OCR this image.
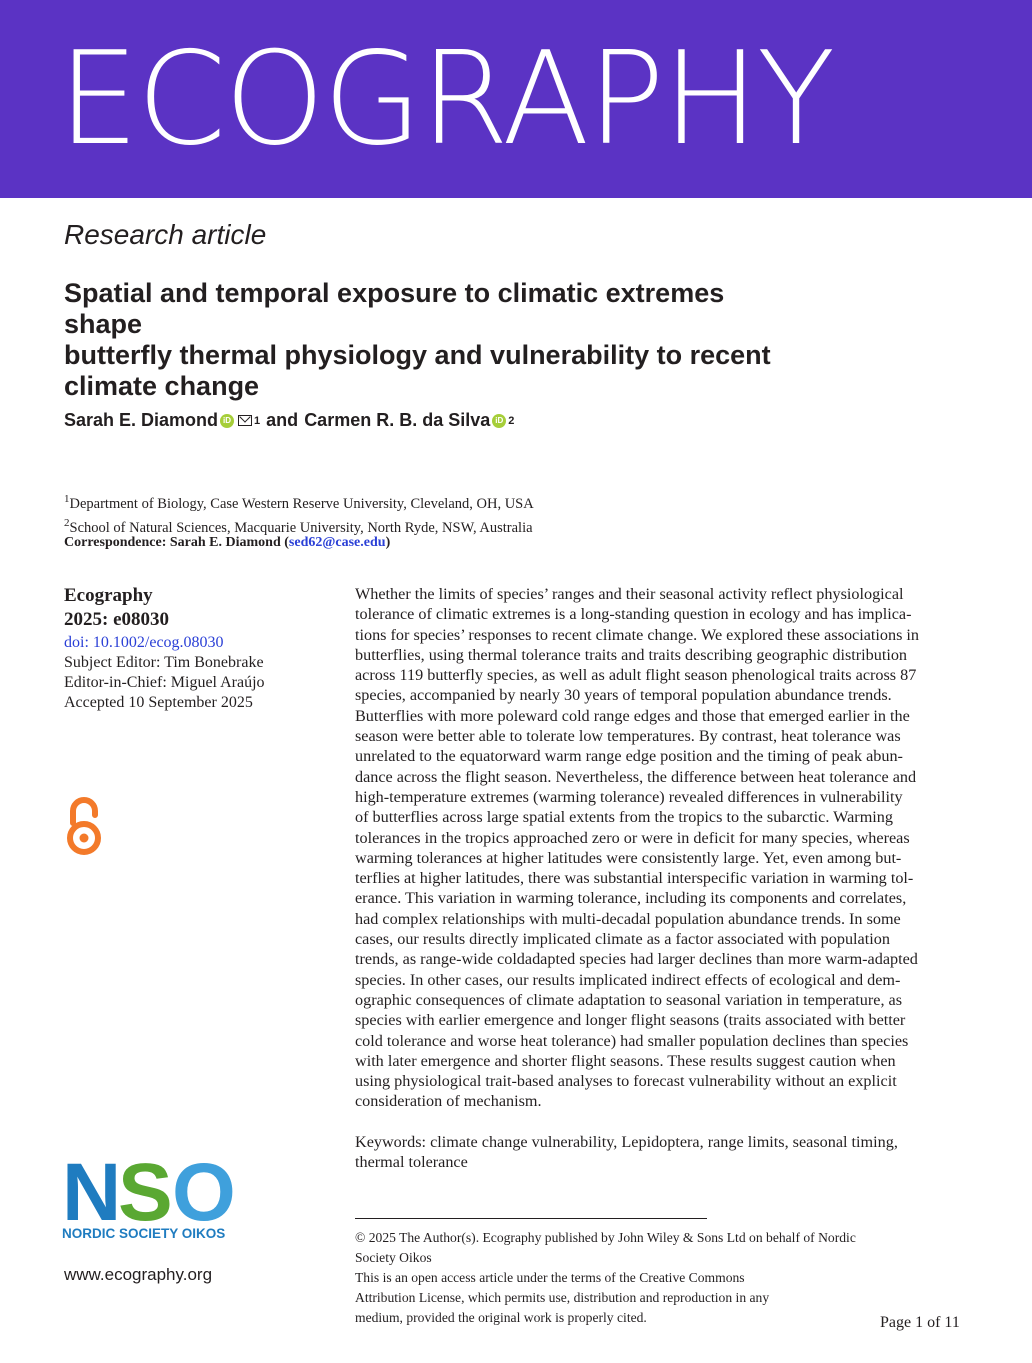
ECOGRAPHY
Research article
Spatial and temporal exposure to climatic extremes shape
butterfly thermal physiology and vulnerability to recent
climate change
Sarah E. Diamond iD 1 and Carmen R. B. da Silva iD 2
$^1$Department of Biology, Case Western Reserve University, Cleveland, OH, USA
$^2$School of Natural Sciences, Macquarie University, North Ryde, NSW, Australia
Correspondence: Sarah E. Diamond (sed62@case.edu)
Ecography
2025: e08030
doi: 10.1002/ecog.08030
Subject Editor: Tim Bonebrake
Editor-in-Chief: Miguel Araújo
Accepted 10 September 2025
Whether the limits of species’ ranges and their seasonal activity reflect physiological
tolerance of climatic extremes is a long-standing question in ecology and has implica-
tions for species’ responses to recent climate change. We explored these associations in
butterflies, using thermal tolerance traits and traits describing geographic distribution
across 119 butterfly species, as well as adult flight season phenological traits across 87
species, accompanied by nearly 30 years of temporal population abundance trends.
Butterflies with more poleward cold range edges and those that emerged earlier in the
season were better able to tolerate low temperatures. By contrast, heat tolerance was
unrelated to the equatorward warm range edge position and the timing of peak abun-
dance across the flight season. Nevertheless, the difference between heat tolerance and
high-temperature extremes (warming tolerance) revealed differences in vulnerability
of butterflies across large spatial extents from the tropics to the subarctic. Warming
tolerances in the tropics approached zero or were in deficit for many species, whereas
warming tolerances at higher latitudes were consistently large. Yet, even among but-
terflies at higher latitudes, there was substantial interspecific variation in warming tol-
erance. This variation in warming tolerance, including its components and correlates,
had complex relationships with multi-decadal population abundance trends. In some
cases, our results directly implicated climate as a factor associated with population
trends, as range-wide coldadapted species had larger declines than more warm-adapted
species. In other cases, our results implicated indirect effects of ecological and dem-
ographic consequences of climate adaptation to seasonal variation in temperature, as
species with earlier emergence and longer flight seasons (traits associated with better
cold tolerance and worse heat tolerance) had smaller population declines than species
with later emergence and shorter flight seasons. These results suggest caution when
using physiological trait-based analyses to forecast vulnerability without an explicit
consideration of mechanism.
Keywords: climate change vulnerability, Lepidoptera, range limits, seasonal timing,
thermal tolerance
N
S O
NORDIC SOCIETY OIKOS
www.ecography.org
© 2025 The Author(s). Ecography published by John Wiley & Sons Ltd on behalf of Nordic
Society Oikos
This is an open access article under the terms of the Creative Commons
Attribution License, which permits use, distribution and reproduction in any
medium, provided the original work is properly cited.	Page 1 of 11
